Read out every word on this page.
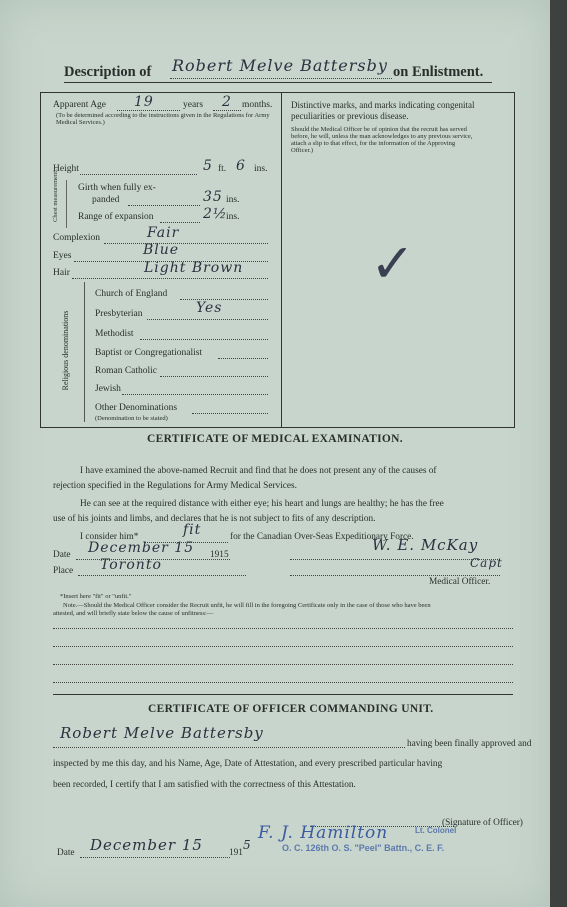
Description of Robert Melve Battersby on Enlistment.
Apparent Age 19	years 2 months.
(To be determined according to the instructions given in the Regulations for Army Medical Services.)
Height	5 ft. 6 ins.
Chest measurement. Girth when fully ex-
panded	35 ins.
Range of expansion	2½
ins.
Complexion	Fair
Eyes	Blue
Hair	Light Brown
Religious denominations
Church of England
Presbyterian	Yes
Methodist
Baptist or Congregationalist
Roman Catholic
Jewish
Other Denominations
(Denomination to be stated)
Distinctive marks, and marks indicating congenital
peculiarities or previous disease.
Should the Medical Officer be of opinion that the recruit has served
before, he will, unless the man acknowledges to any previous service,
attach a slip to that effect, for the information of the Approving
Officer.)
✓
CERTIFICATE OF MEDICAL EXAMINATION.
I have examined the above-named Recruit and find that he does not present any of the causes of
rejection specified in the Regulations for Army Medical Services.
He can see at the required distance with either eye; his heart and lungs are healthy; he has the free
use of his joints and limbs, and declares that he is not subject to fits of any description.
I consider him*	fit	for the Canadian Over-Seas Expeditionary Force.
Date December 15 1915
W. E. McKay
Place Toronto	Capt
Medical Officer.
*Insert here "fit" or "unfit."
Note.—Should the Medical Officer consider the Recruit unfit, he will fill in the foregoing Certificate only in the case of those who have been
attested, and will briefly state below the cause of unfitness:—
CERTIFICATE OF OFFICER COMMANDING UNIT.
Robert Melve Battersby
having been finally approved and
inspected by me this day, and his Name, Age, Date of Attestation, and every prescribed particular having
been recorded, I certify that I am satisfied with the correctness of this Attestation.
(Signature of Officer)
Date December 15	191
5
F. J. Hamilton	Lt. Colonel
O. C. 126th O. S. "Peel" Battn., C. E. F.
